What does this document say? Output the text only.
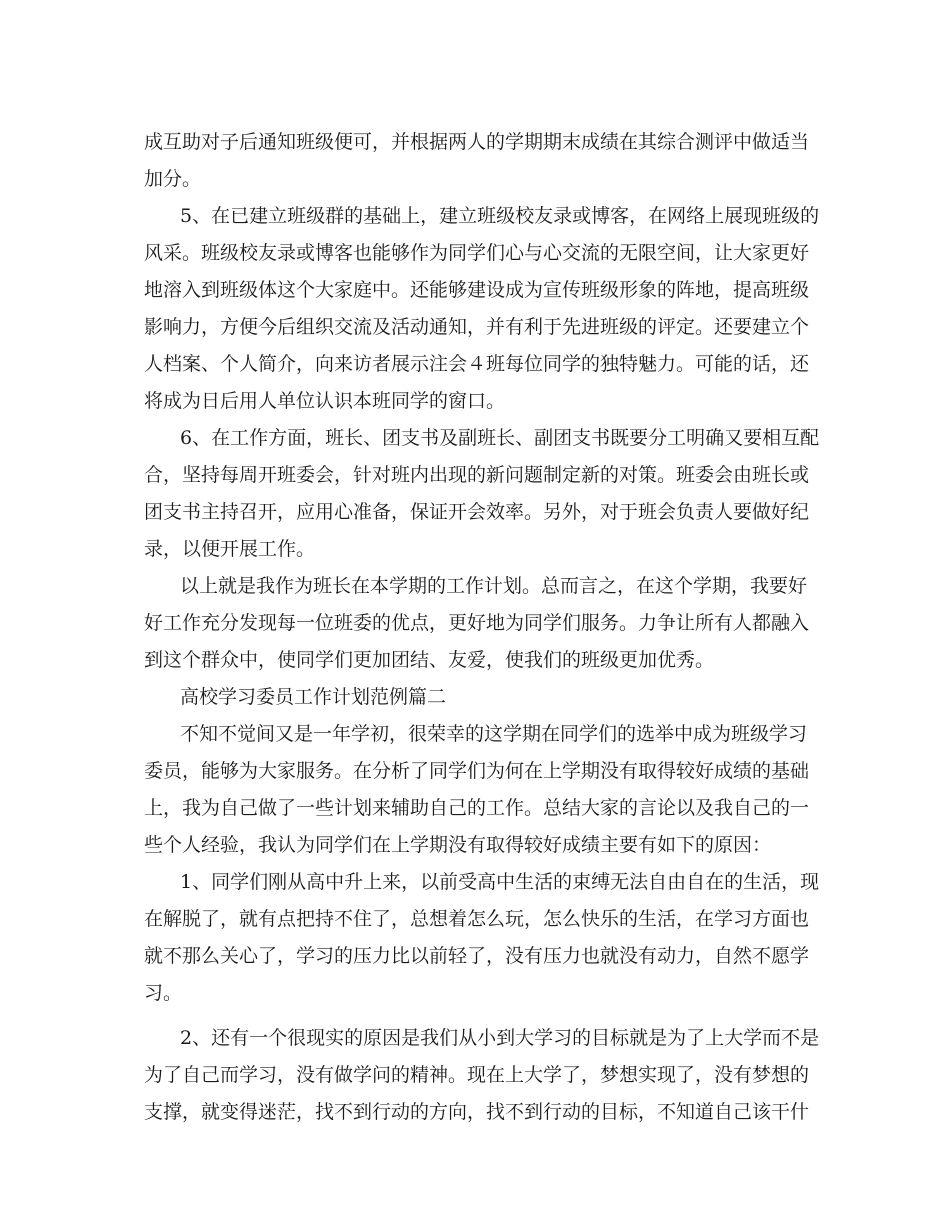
成互助对子后通知班级便可，并根据两人的学期期末成绩在其综合测评中做适当
加分。
5、在已建立班级群的基础上，建立班级校友录或博客，在网络上展现班级的
风采。班级校友录或博客也能够作为同学们心与心交流的无限空间，让大家更好
地溶入到班级体这个大家庭中。还能够建设成为宣传班级形象的阵地，提高班级
影响力，方便今后组织交流及活动通知，并有利于先进班级的评定。还要建立个
人档案、个人简介，向来访者展示注会４班每位同学的独特魅力。可能的话，还
将成为日后用人单位认识本班同学的窗口。
6、在工作方面，班长、团支书及副班长、副团支书既要分工明确又要相互配
合，坚持每周开班委会，针对班内出现的新问题制定新的对策。班委会由班长或
团支书主持召开，应用心准备，保证开会效率。另外，对于班会负责人要做好纪
录，以便开展工作。
以上就是我作为班长在本学期的工作计划。总而言之，在这个学期，我要好
好工作充分发现每一位班委的优点，更好地为同学们服务。力争让所有人都融入
到这个群众中，使同学们更加团结、友爱，使我们的班级更加优秀。
高校学习委员工作计划范例篇二
不知不觉间又是一年学初，很荣幸的这学期在同学们的选举中成为班级学习
委员，能够为大家服务。在分析了同学们为何在上学期没有取得较好成绩的基础
上，我为自己做了一些计划来辅助自己的工作。总结大家的言论以及我自己的一
些个人经验，我认为同学们在上学期没有取得较好成绩主要有如下的原因：
1、同学们刚从高中升上来，以前受高中生活的束缚无法自由自在的生活，现
在解脱了，就有点把持不住了，总想着怎么玩，怎么快乐的生活，在学习方面也
就不那么关心了，学习的压力比以前轻了，没有压力也就没有动力，自然不愿学
习。
2、还有一个很现实的原因是我们从小到大学习的目标就是为了上大学而不是
为了自己而学习，没有做学问的精神。现在上大学了，梦想实现了，没有梦想的
支撑，就变得迷茫，找不到行动的方向，找不到行动的目标，不知道自己该干什
